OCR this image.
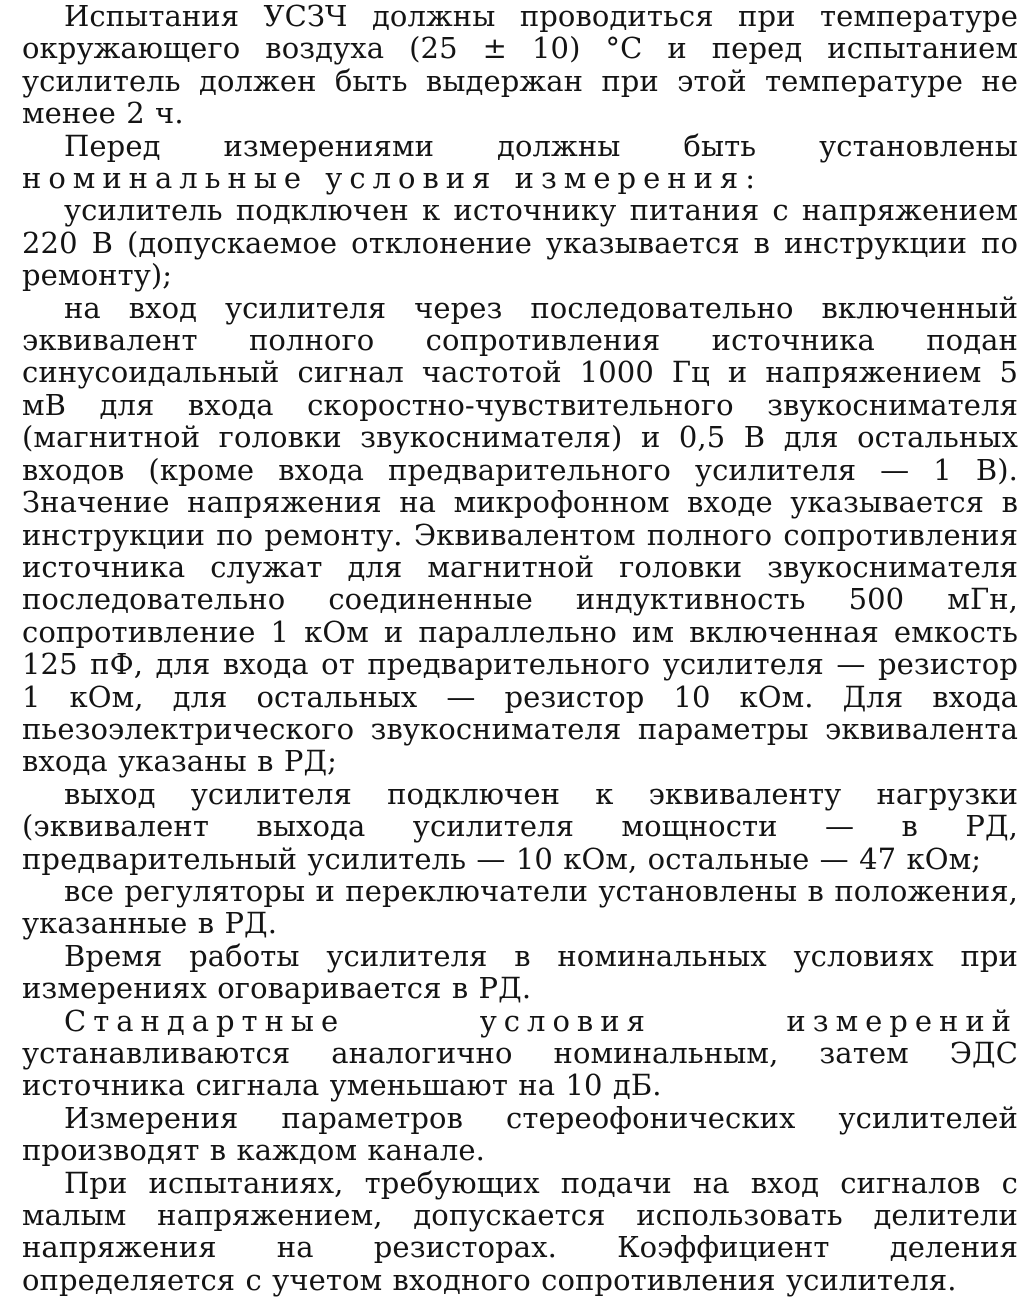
Испытания УСЗЧ должны проводиться при температуре окружающего воздуха (25 ± 10) °С и перед испытанием усилитель должен быть выдержан при этой температуре не менее 2 ч.

Перед измерениями должны быть установлены номинальные условия измерения:

усилитель подключен к источнику питания с напряжением 220 В (допускаемое отклонение указывается в инструкции по ремонту);

на вход усилителя через последовательно включенный эквивалент полного сопротивления источника подан синусоидальный сигнал частотой 1000 Гц и напряжением 5 мВ для входа скоростно-чувствительного звукоснимателя (магнитной головки звукоснимателя) и 0,5 В для остальных входов (кроме входа предварительного усилителя — 1 В). Значение напряжения на микрофонном входе указывается в инструкции по ремонту. Эквивалентом полного сопротивления источника служат для магнитной головки звукоснимателя последовательно соединенные индуктивность 500 мГн, сопротивление 1 кОм и параллельно им включенная емкость 125 пФ, для входа от предварительного усилителя — резистор 1 кОм, для остальных — резистор 10 кОм. Для входа пьезоэлектрического звукоснимателя параметры эквивалента входа указаны в РД;

выход усилителя подключен к эквиваленту нагрузки (эквивалент выхода усилителя мощности — в РД, предварительный усилитель — 10 кОм, остальные — 47 кОм;

все регуляторы и переключатели установлены в положения, указанные в РД.

Время работы усилителя в номинальных условиях при измерениях оговаривается в РД.

Стандартные условия измерений устанавливаются аналогично номинальным, затем ЭДС источника сигнала уменьшают на 10 дБ.

Измерения параметров стереофонических усилителей производят в каждом канале.

При испытаниях, требующих подачи на вход сигналов с малым напряжением, допускается использовать делители напряжения на резисторах. Коэффициент деления определяется с учетом входного сопротивления усилителя.
